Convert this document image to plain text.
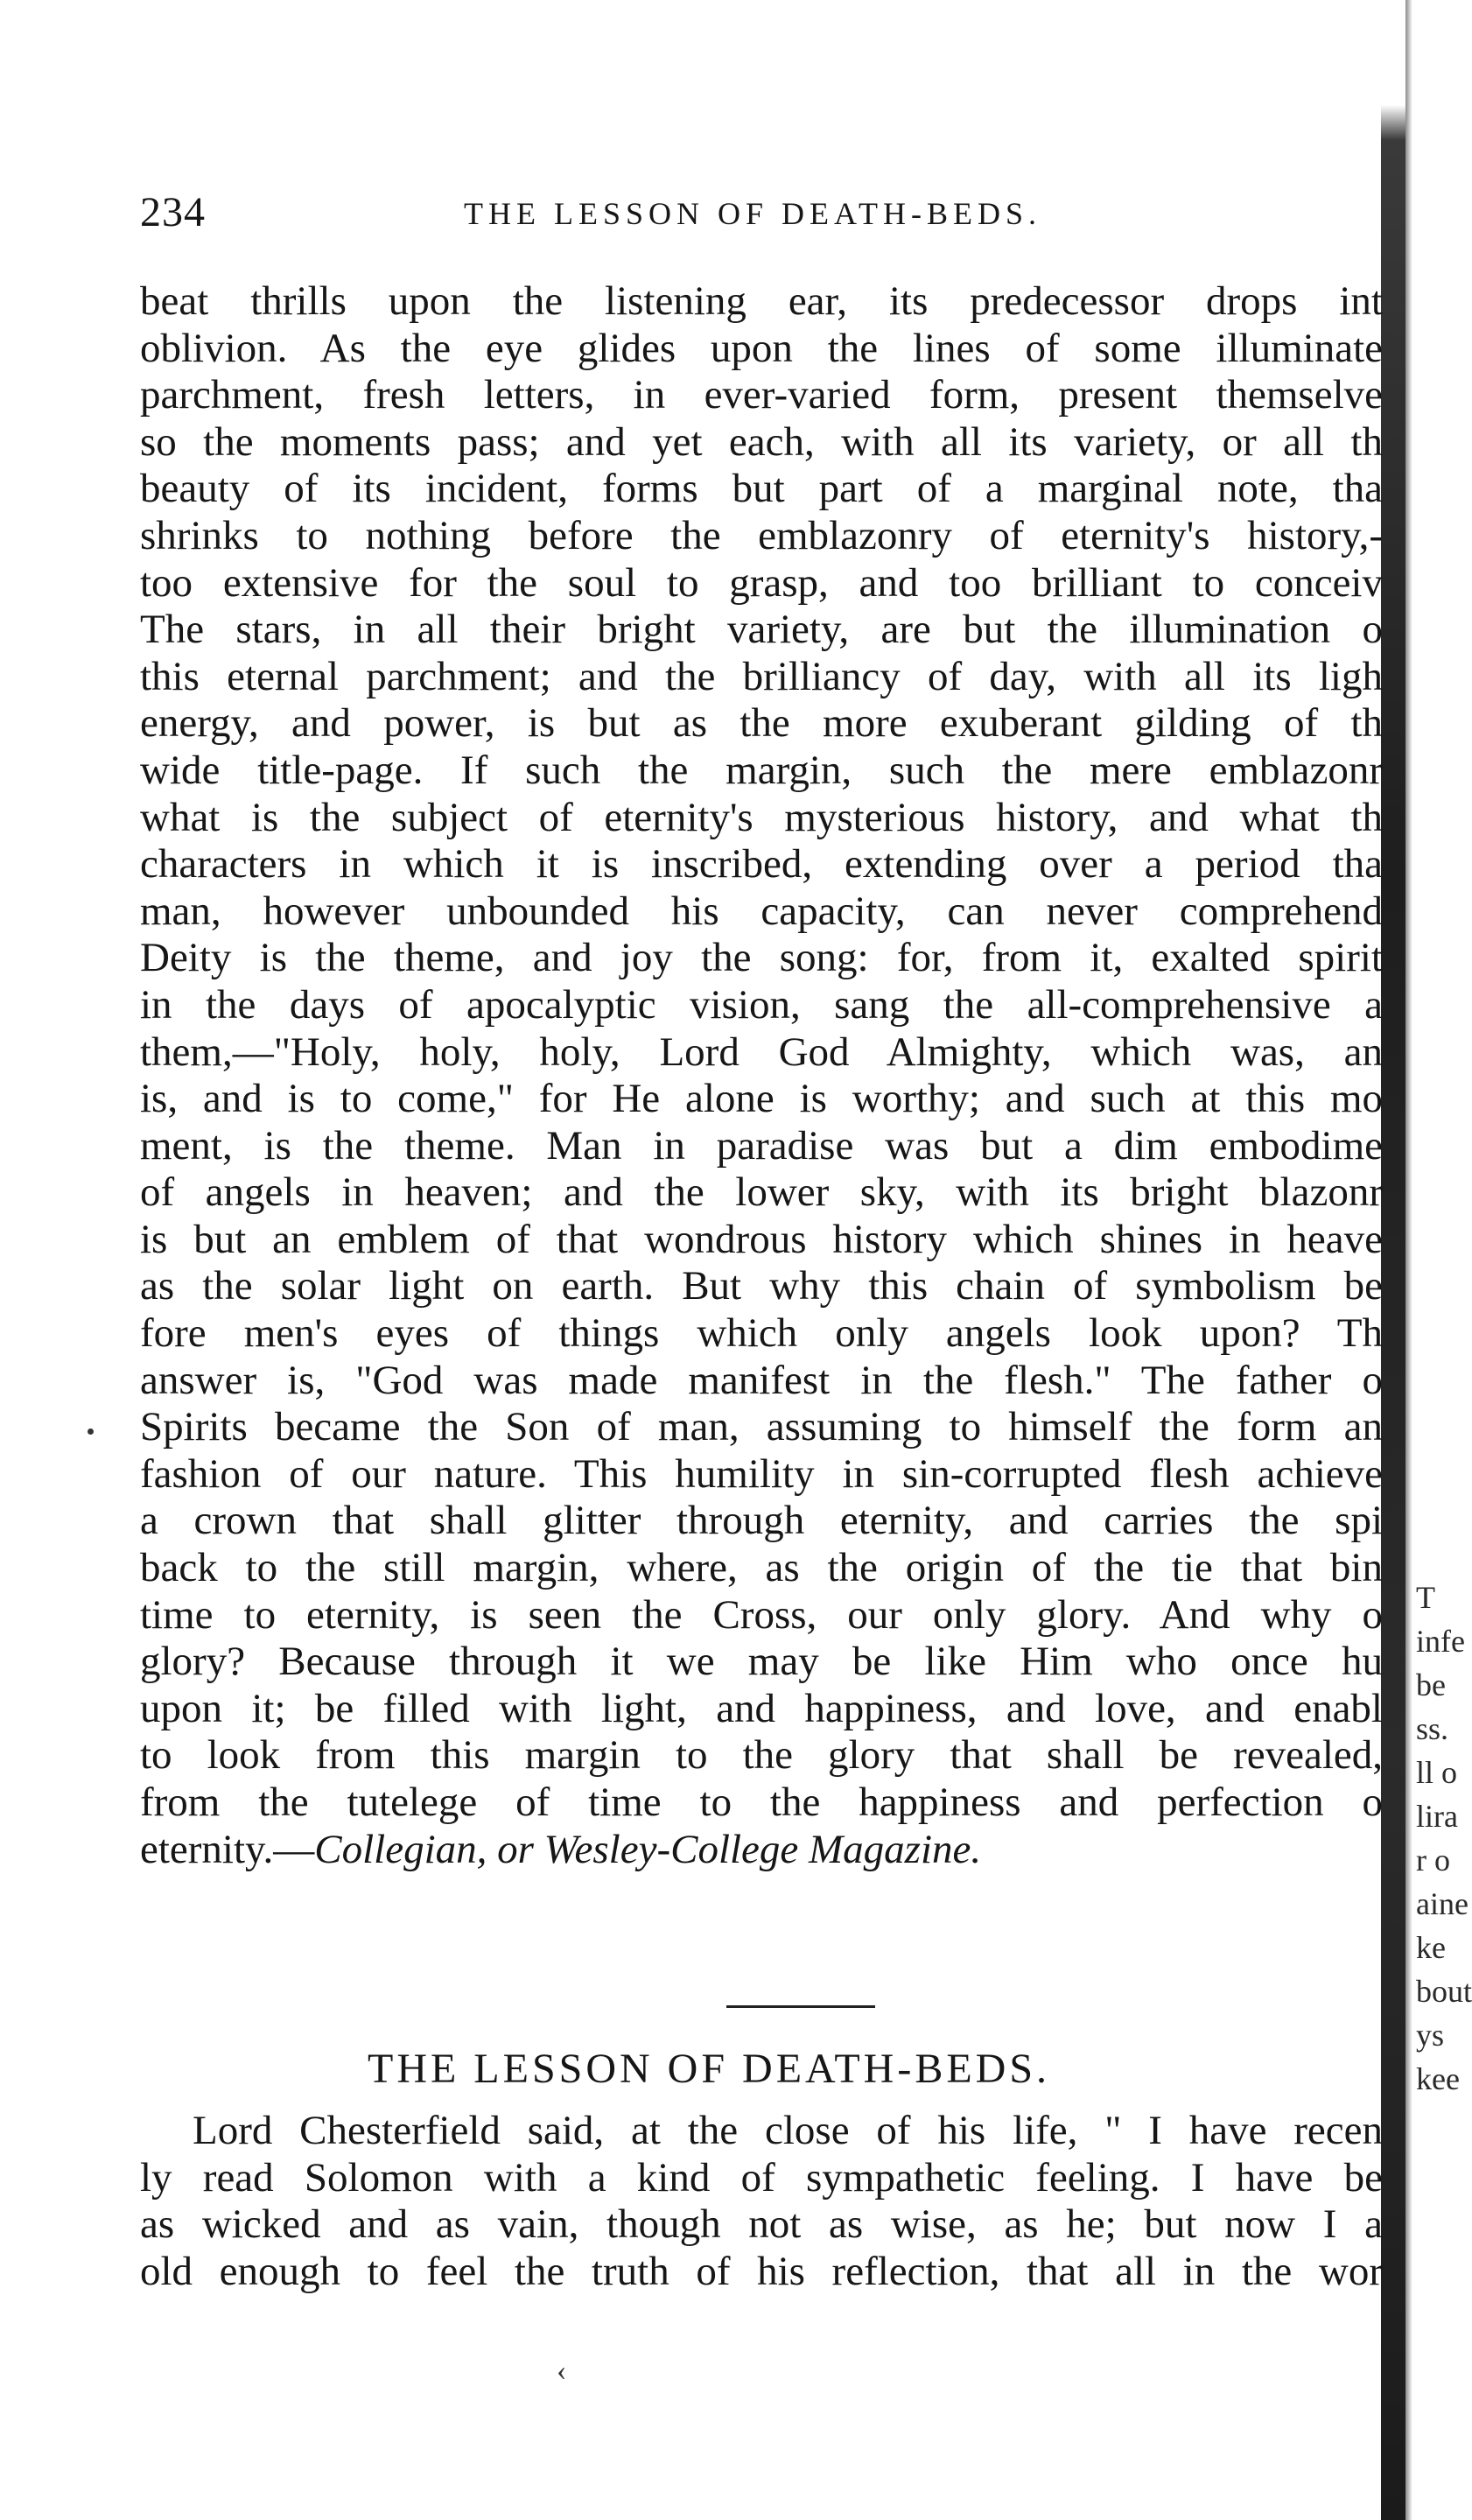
234	THE LESSON OF DEATH-BEDS.
beat thrills upon the listening ear, its predecessor drops int
oblivion. As the eye glides upon the lines of some illuminate
parchment, fresh letters, in ever-varied form, present themselve
so the moments pass; and yet each, with all its variety, or all th
beauty of its incident, forms but part of a marginal note, tha
shrinks to nothing before the emblazonry of eternity's history,-
too extensive for the soul to grasp, and too brilliant to conceiv
The stars, in all their bright variety, are but the illumination o
this eternal parchment; and the brilliancy of day, with all its ligh
energy, and power, is but as the more exuberant gilding of th
wide title-page. If such the margin, such the mere emblazonr
what is the subject of eternity's mysterious history, and what th
characters in which it is inscribed, extending over a period tha
man, however unbounded his capacity, can never comprehend
Deity is the theme, and joy the song: for, from it, exalted spirit
in the days of apocalyptic vision, sang the all-comprehensive a
them,—"Holy, holy, holy, Lord God Almighty, which was, an
is, and is to come," for He alone is worthy; and such at this mo
ment, is the theme. Man in paradise was but a dim embodime
of angels in heaven; and the lower sky, with its bright blazonr
is but an emblem of that wondrous history which shines in heave
as the solar light on earth. But why this chain of symbolism be
fore men's eyes of things which only angels look upon? Th
answer is, "God was made manifest in the flesh." The father o
Spirits became the Son of man, assuming to himself the form an
fashion of our nature. This humility in sin-corrupted flesh achieve
a crown that shall glitter through eternity, and carries the spi
back to the still margin, where, as the origin of the tie that bin
time to eternity, is seen the Cross, our only glory. And why o
glory? Because through it we may be like Him who once hu
upon it; be filled with light, and happiness, and love, and enabl
to look from this margin to the glory that shall be revealed,
from the tutelege of time to the happiness and perfection o
eternity.—Collegian, or Wesley-College Magazine.
THE LESSON OF DEATH-BEDS.
Lord Chesterfield said, at the close of his life, " I have recen
ly read Solomon with a kind of sympathetic feeling. I have be
as wicked and as vain, though not as wise, as he; but now I a
old enough to feel the truth of his reflection, that all in the wor
T
infe
be
ss.
ll o
lira
r o
aine
ke
bout
ys
kee
‹
